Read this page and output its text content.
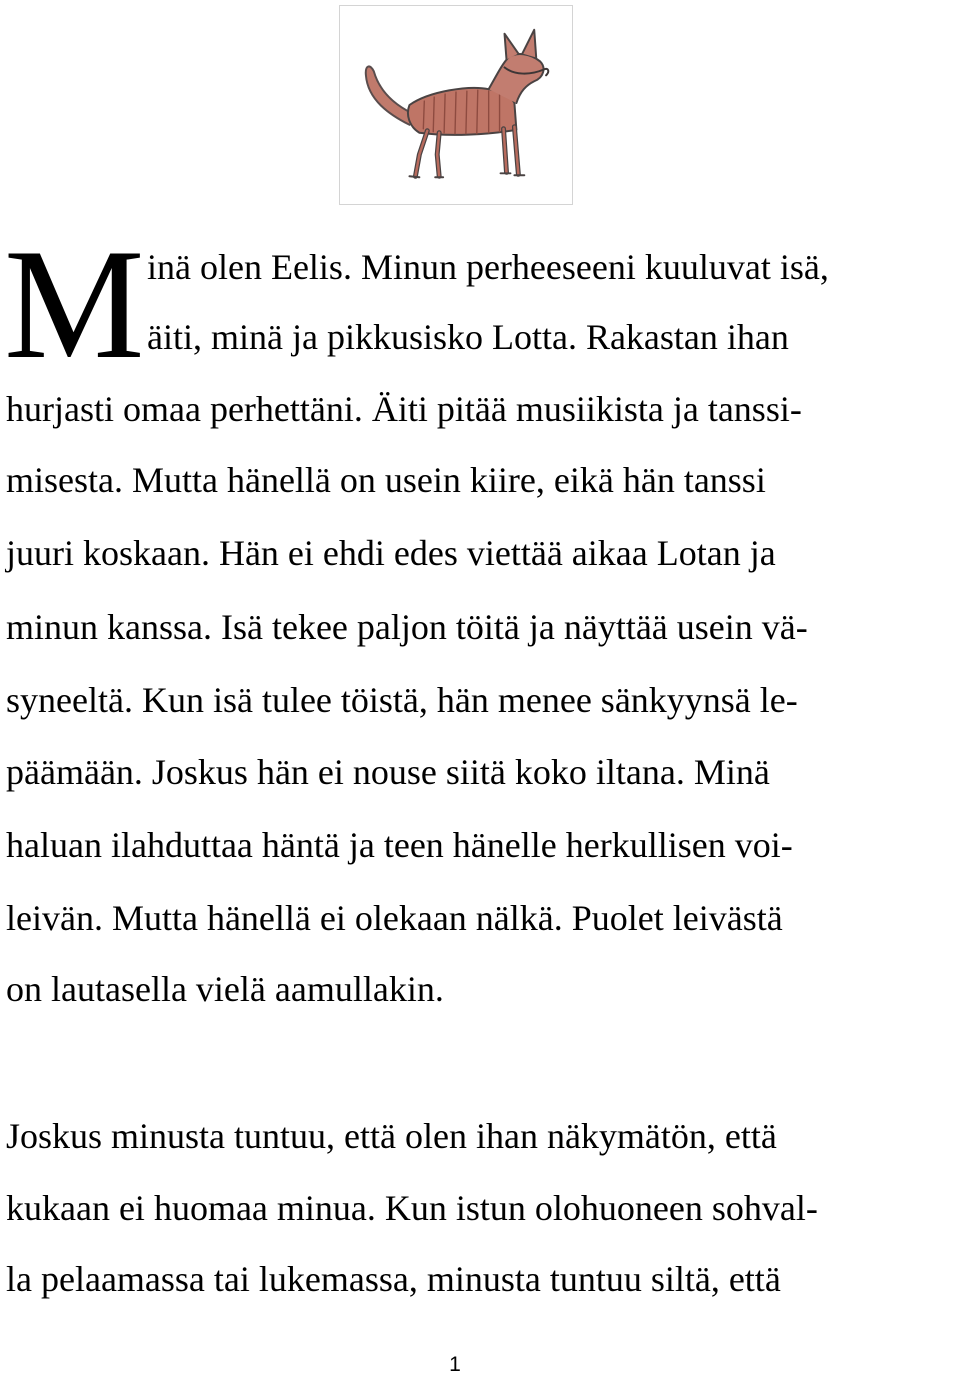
M inä olen Eelis. Minun perheeseeni kuuluvat isä,
äiti, minä ja pikkusisko Lotta. Rakastan ihan
hurjasti omaa perhettäni. Äiti pitää musiikista ja tanssi-
misesta. Mutta hänellä on usein kiire, eikä hän tanssi
juuri koskaan. Hän ei ehdi edes viettää aikaa Lotan ja
minun kanssa. Isä tekee paljon töitä ja näyttää usein vä-
syneeltä. Kun isä tulee töistä, hän menee sänkyynsä le-
päämään. Joskus hän ei nouse siitä koko iltana. Minä
haluan ilahduttaa häntä ja teen hänelle herkullisen voi-
leivän. Mutta hänellä ei olekaan nälkä. Puolet leivästä
on lautasella vielä aamullakin.
Joskus minusta tuntuu, että olen ihan näkymätön, että
kukaan ei huomaa minua. Kun istun olohuoneen sohval-
la pelaamassa tai lukemassa, minusta tuntuu siltä, että
1
